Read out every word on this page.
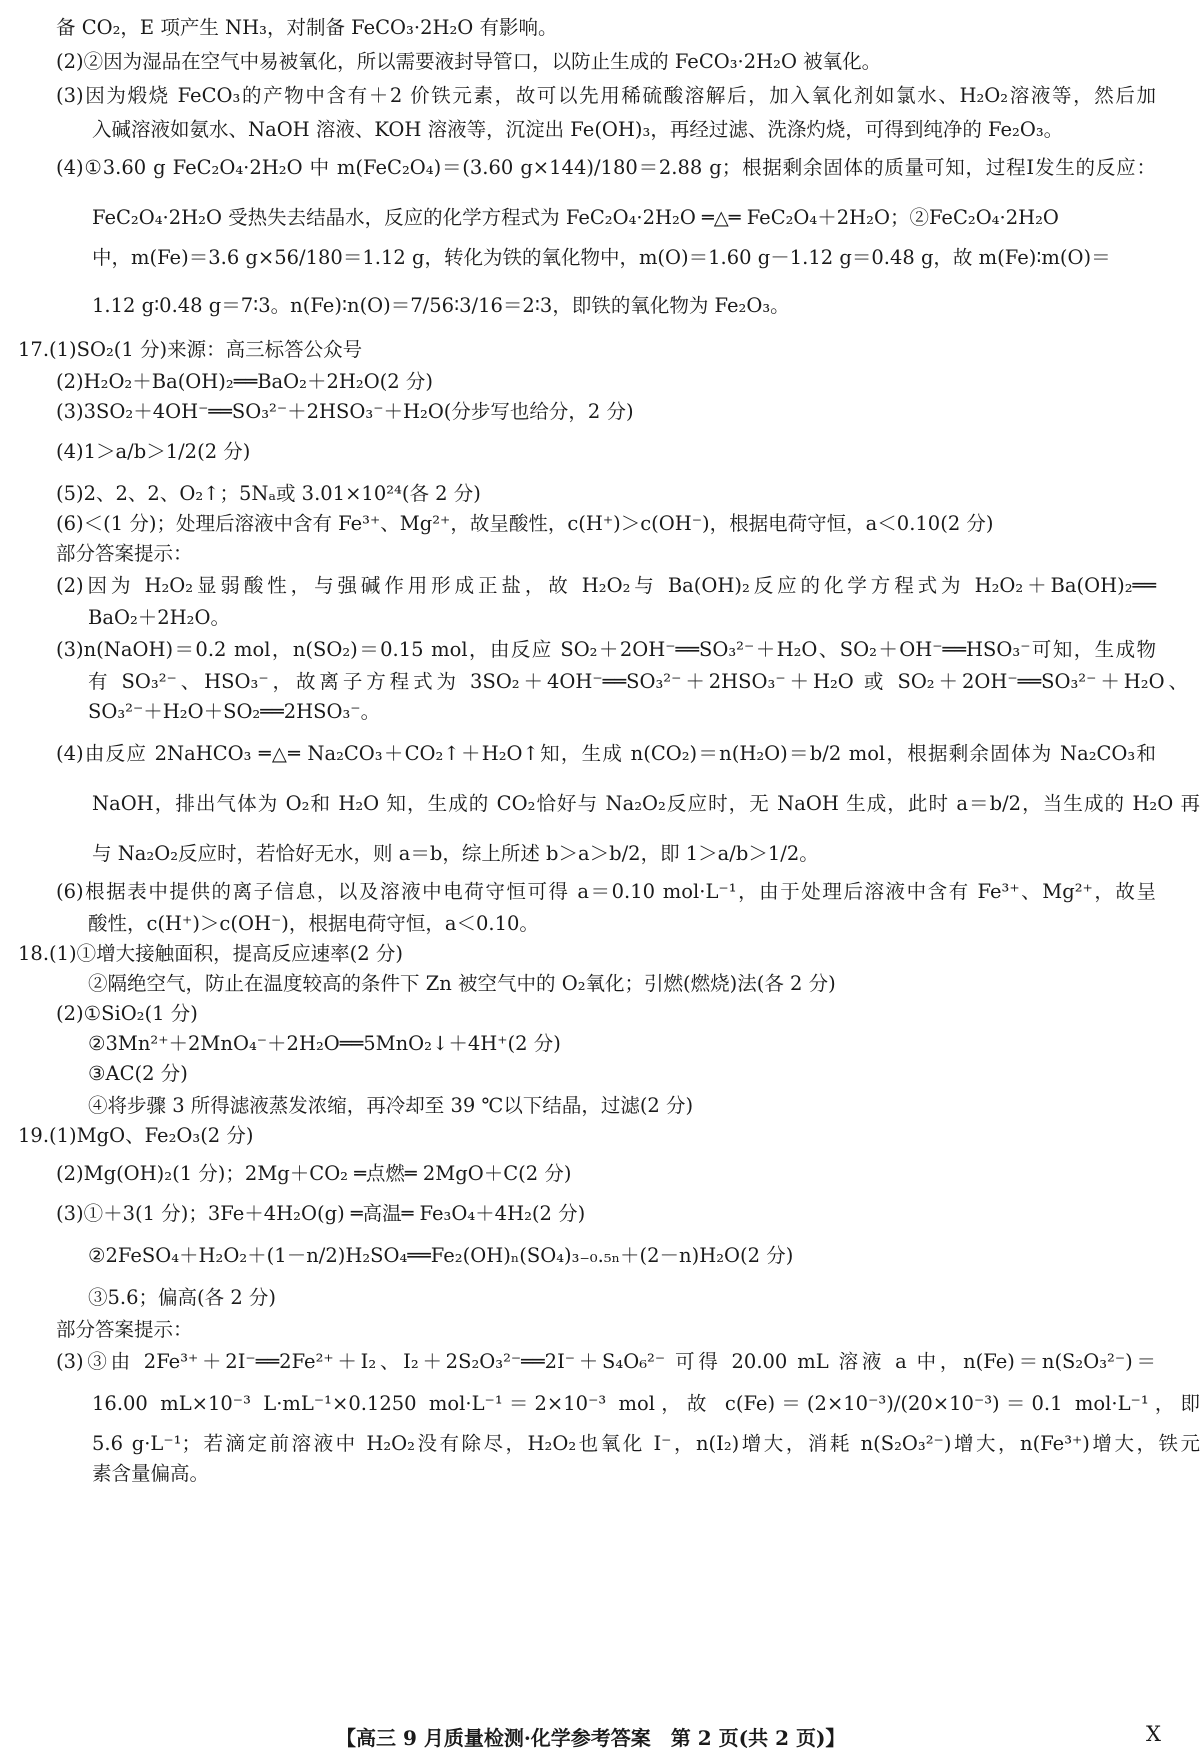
备 CO₂，E 项产生 NH₃，对制备 FeCO₃·2H₂O 有影响。
(2)②因为湿品在空气中易被氧化，所以需要液封导管口，以防止生成的 FeCO₃·2H₂O 被氧化。
(3)因为煅烧 FeCO₃的产物中含有＋2 价铁元素，故可以先用稀硫酸溶解后，加入氧化剂如氯水、H₂O₂溶液等，然后加
入碱溶液如氨水、NaOH 溶液、KOH 溶液等，沉淀出 Fe(OH)₃，再经过滤、洗涤灼烧，可得到纯净的 Fe₂O₃。
(4)①3.60 g FeC₂O₄·2H₂O 中 m(FeC₂O₄)＝(3.60 g×144)/180＝2.88 g；根据剩余固体的质量可知，过程Ⅰ发生的反应：
FeC₂O₄·2H₂O 受热失去结晶水，反应的化学方程式为 FeC₂O₄·2H₂O ═△═ FeC₂O₄＋2H₂O；②FeC₂O₄·2H₂O
中，m(Fe)＝3.6 g×56/180＝1.12 g，转化为铁的氧化物中，m(O)＝1.60 g－1.12 g＝0.48 g，故 m(Fe)∶m(O)＝
1.12 g∶0.48 g＝7∶3。n(Fe)∶n(O)＝7/56∶3/16＝2∶3，即铁的氧化物为 Fe₂O₃。
17.(1)SO₂(1 分)来源：高三标答公众号
(2)H₂O₂＋Ba(OH)₂══BaO₂＋2H₂O(2 分)
(3)3SO₂＋4OH⁻══SO₃²⁻＋2HSO₃⁻＋H₂O(分步写也给分，2 分)
(4)1＞a/b＞1/2(2 分)
(5)2、2、2、O₂↑；5Nₐ或 3.01×10²⁴(各 2 分)
(6)＜(1 分)；处理后溶液中含有 Fe³⁺、Mg²⁺，故呈酸性，c(H⁺)＞c(OH⁻)，根据电荷守恒，a＜0.10(2 分)
部分答案提示：
(2)因为 H₂O₂显弱酸性，与强碱作用形成正盐，故 H₂O₂与 Ba(OH)₂反应的化学方程式为 H₂O₂＋Ba(OH)₂══
BaO₂＋2H₂O。
(3)n(NaOH)＝0.2 mol，n(SO₂)＝0.15 mol，由反应 SO₂＋2OH⁻══SO₃²⁻＋H₂O、SO₂＋OH⁻══HSO₃⁻可知，生成物
有 SO₃²⁻、HSO₃⁻，故离子方程式为 3SO₂＋4OH⁻══SO₃²⁻＋2HSO₃⁻＋H₂O 或 SO₂＋2OH⁻══SO₃²⁻＋H₂O、
SO₃²⁻＋H₂O＋SO₂══2HSO₃⁻。
(4)由反应 2NaHCO₃ ═△═ Na₂CO₃＋CO₂↑＋H₂O↑知，生成 n(CO₂)＝n(H₂O)＝b/2 mol，根据剩余固体为 Na₂CO₃和
NaOH，排出气体为 O₂和 H₂O 知，生成的 CO₂恰好与 Na₂O₂反应时，无 NaOH 生成，此时 a＝b/2，当生成的 H₂O 再
与 Na₂O₂反应时，若恰好无水，则 a＝b，综上所述 b＞a＞b/2，即 1＞a/b＞1/2。
(6)根据表中提供的离子信息，以及溶液中电荷守恒可得 a＝0.10 mol·L⁻¹，由于处理后溶液中含有 Fe³⁺、Mg²⁺，故呈
酸性，c(H⁺)＞c(OH⁻)，根据电荷守恒，a＜0.10。
18.(1)①增大接触面积，提高反应速率(2 分)
②隔绝空气，防止在温度较高的条件下 Zn 被空气中的 O₂氧化；引燃(燃烧)法(各 2 分)
(2)①SiO₂(1 分)
②3Mn²⁺＋2MnO₄⁻＋2H₂O══5MnO₂↓＋4H⁺(2 分)
③AC(2 分)
④将步骤 3 所得滤液蒸发浓缩，再冷却至 39 ℃以下结晶，过滤(2 分)
19.(1)MgO、Fe₂O₃(2 分)
(2)Mg(OH)₂(1 分)；2Mg＋CO₂ ═点燃═ 2MgO＋C(2 分)
(3)①＋3(1 分)；3Fe＋4H₂O(g) ═高温═ Fe₃O₄＋4H₂(2 分)
②2FeSO₄＋H₂O₂＋(1－n/2)H₂SO₄══Fe₂(OH)ₙ(SO₄)₃₋₀.₅ₙ＋(2－n)H₂O(2 分)
③5.6；偏高(各 2 分)
部分答案提示：
(3)③由 2Fe³⁺＋2I⁻══2Fe²⁺＋I₂、I₂＋2S₂O₃²⁻══2I⁻＋S₄O₆²⁻ 可得 20.00 mL 溶液 a 中，n(Fe)＝n(S₂O₃²⁻)＝
16.00 mL×10⁻³ L·mL⁻¹×0.1250 mol·L⁻¹＝2×10⁻³ mol，故 c(Fe)＝(2×10⁻³)/(20×10⁻³)＝0.1 mol·L⁻¹，即
5.6 g·L⁻¹；若滴定前溶液中 H₂O₂没有除尽，H₂O₂也氧化 I⁻，n(I₂)增大，消耗 n(S₂O₃²⁻)增大，n(Fe³⁺)增大，铁元
素含量偏高。
【高三 9 月质量检测·化学参考答案　第 2 页(共 2 页)】	X
